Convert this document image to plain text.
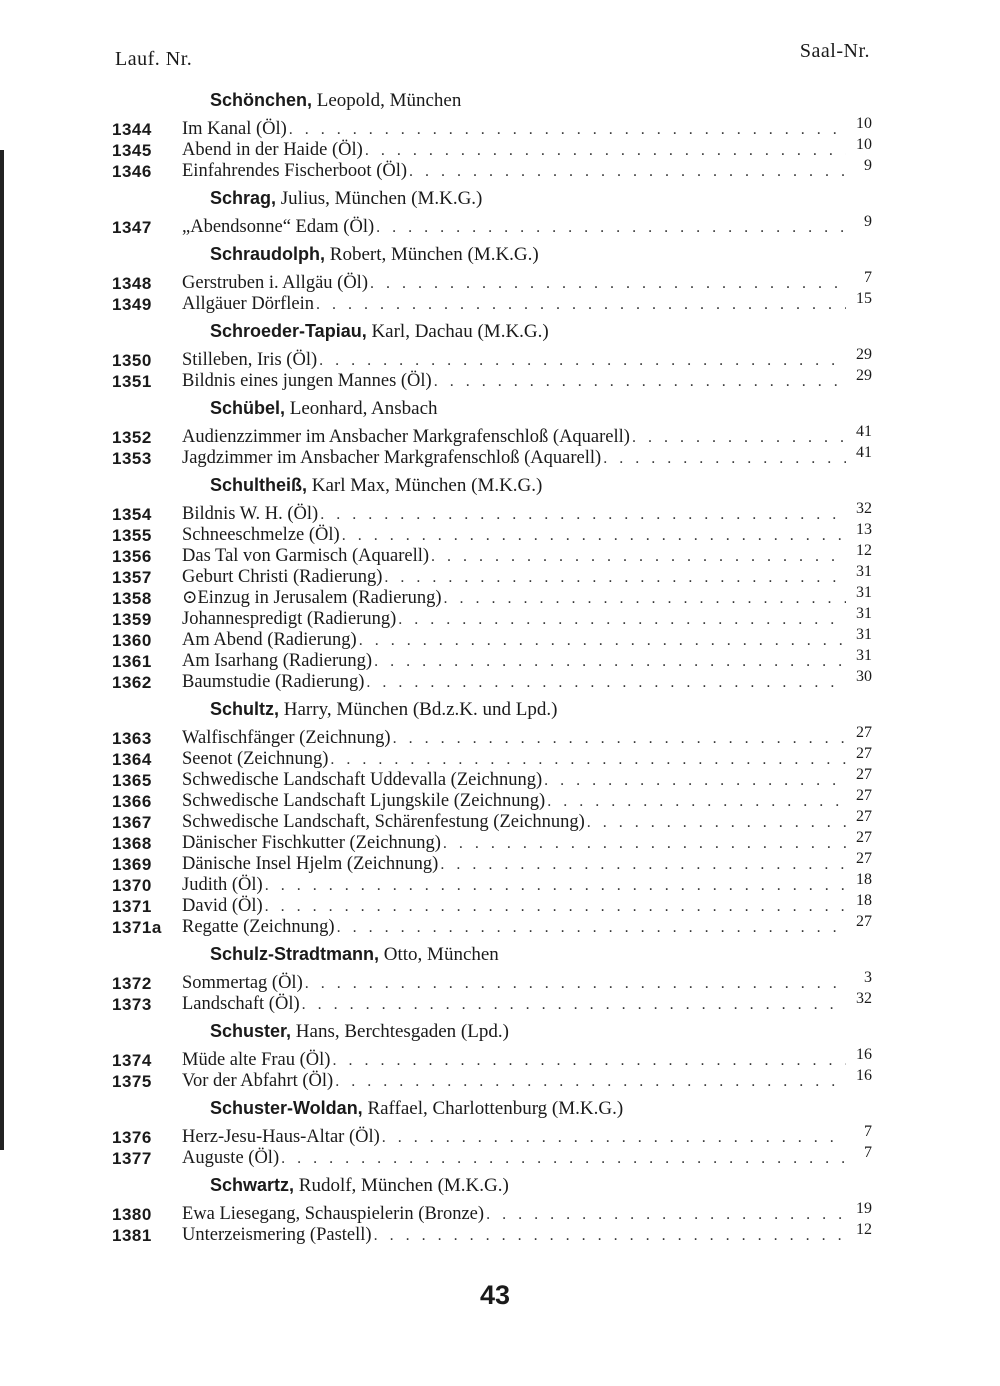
Lauf. Nr.	Saal-Nr.
Schönchen, Leopold, München
1344	Im Kanal (Öl) . . .	10
1345	Abend in der Haide (Öl) . . .	10
1346	Einfahrendes Fischerboot (Öl) . . .	9
Schrag, Julius, München (M.K.G.)
1347	„Abendsonne“ Edam (Öl) . . .	9
Schraudolph, Robert, München (M.K.G.)
1348	Gerstruben i. Allgäu (Öl) . . .	7
1349	Allgäuer Dörflein . . .	15
Schroeder-Tapiau, Karl, Dachau (M.K.G.)
1350	Stilleben, Iris (Öl) . . .	29
1351	Bildnis eines jungen Mannes (Öl) . . .	29
Schübel, Leonhard, Ansbach
1352	Audienzzimmer im Ansbacher Markgrafenschloß (Aquarell) . . .	41
1353	Jagdzimmer im Ansbacher Markgrafenschloß (Aquarell) . . .	41
Schultheiß, Karl Max, München (M.K.G.)
1354	Bildnis W. H. (Öl) . . .	32
1355	Schneeschmelze (Öl) . . .	13
1356	Das Tal von Garmisch (Aquarell) . . .	12
1357	Geburt Christi (Radierung) . . .	31
1358	⊙Einzug in Jerusalem (Radierung) . . .	31
1359	Johannespredigt (Radierung) . . .	31
1360	Am Abend (Radierung) . . .	31
1361	Am Isarhang (Radierung) . . .	31
1362	Baumstudie (Radierung) . . .	30
Schultz, Harry, München (Bd.z.K. und Lpd.)
1363	Walfischfänger (Zeichnung) . . .	27
1364	Seenot (Zeichnung) . . .	27
1365	Schwedische Landschaft Uddevalla (Zeichnung) . . .	27
1366	Schwedische Landschaft Ljungskile (Zeichnung) . . .	27
1367	Schwedische Landschaft, Schärenfestung (Zeichnung) . . .	27
1368	Dänischer Fischkutter (Zeichnung) . . .	27
1369	Dänische Insel Hjelm (Zeichnung) . . .	27
1370	Judith (Öl) . . .	18
1371	David (Öl) . . .	18
1371a	Regatte (Zeichnung) . . .	27
Schulz-Stradtmann, Otto, München
1372	Sommertag (Öl) . . .	3
1373	Landschaft (Öl) . . .	32
Schuster, Hans, Berchtesgaden (Lpd.)
1374	Müde alte Frau (Öl) . . .	16
1375	Vor der Abfahrt (Öl) . . .	16
Schuster-Woldan, Raffael, Charlottenburg (M.K.G.)
1376	Herz-Jesu-Haus-Altar (Öl) . . .	7
1377	Auguste (Öl) . . .	7
Schwartz, Rudolf, München (M.K.G.)
1380	Ewa Liesegang, Schauspielerin (Bronze) . . .	19
1381	Unterzeismering (Pastell) . . .	12
43
